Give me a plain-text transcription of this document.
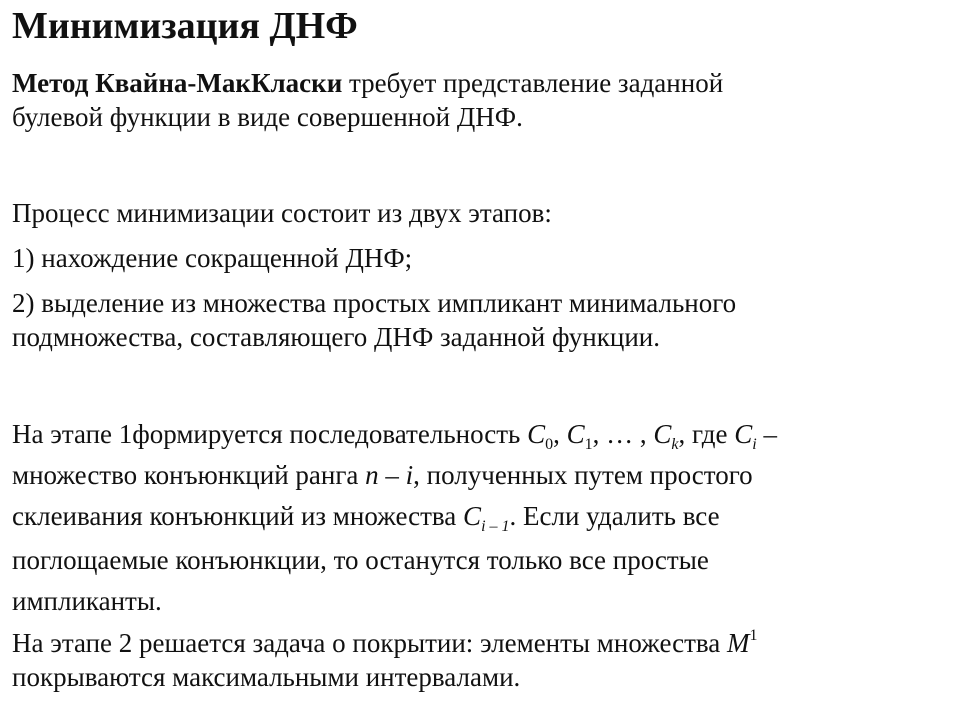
Минимизация ДНФ

Метод Квайна-МакКласки требует представление заданной
булевой функции в виде совершенной ДНФ.

Процесс минимизации состоит из двух этапов:

1) нахождение сокращенной ДНФ;

2) выделение из множества простых импликант минимального
подмножества, составляющего ДНФ заданной функции.

На этапе 1формируется последовательность $C_0$, $C_1$, … , $C_k$, где $C_i$ –
множество конъюнкций ранга n – i, полученных путем простого
склеивания конъюнкций из множества $C_{i - 1}$. Если удалить все
поглощаемые конъюнкции, то останутся только все простые
импликанты.

На этапе 2 решается задача о покрытии: элементы множества $M^1$
покрываются максимальными интервалами.
